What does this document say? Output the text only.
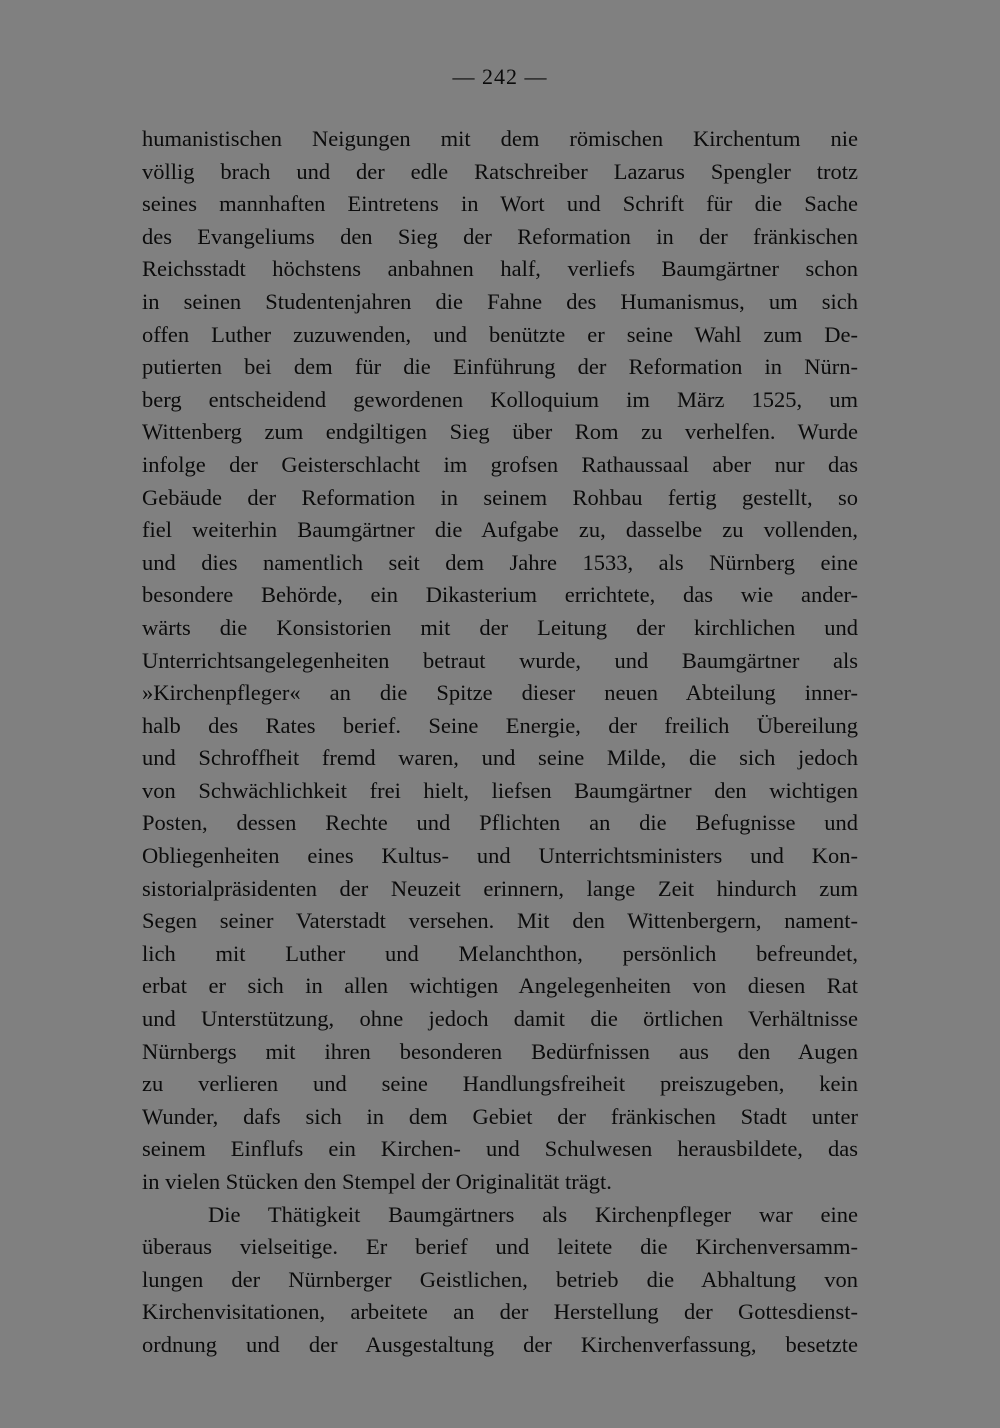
— 242 —
humanistischen Neigungen mit dem römischen Kirchentum nie
völlig brach und der edle Ratschreiber Lazarus Spengler trotz
seines mannhaften Eintretens in Wort und Schrift für die Sache
des Evangeliums den Sieg der Reformation in der fränkischen
Reichsstadt höchstens anbahnen half, verliefs Baumgärtner schon
in seinen Studentenjahren die Fahne des Humanismus, um sich
offen Luther zuzuwenden, und benützte er seine Wahl zum De-
putierten bei dem für die Einführung der Reformation in Nürn-
berg entscheidend gewordenen Kolloquium im März 1525, um
Wittenberg zum endgiltigen Sieg über Rom zu verhelfen. Wurde
infolge der Geisterschlacht im grofsen Rathaussaal aber nur das
Gebäude der Reformation in seinem Rohbau fertig gestellt, so
fiel weiterhin Baumgärtner die Aufgabe zu, dasselbe zu vollenden,
und dies namentlich seit dem Jahre 1533, als Nürnberg eine
besondere Behörde, ein Dikasterium errichtete, das wie ander-
wärts die Konsistorien mit der Leitung der kirchlichen und
Unterrichtsangelegenheiten betraut wurde, und Baumgärtner als
»Kirchenpfleger« an die Spitze dieser neuen Abteilung inner-
halb des Rates berief. Seine Energie, der freilich Übereilung
und Schroffheit fremd waren, und seine Milde, die sich jedoch
von Schwächlichkeit frei hielt, liefsen Baumgärtner den wichtigen
Posten, dessen Rechte und Pflichten an die Befugnisse und
Obliegenheiten eines Kultus- und Unterrichtsministers und Kon-
sistorialpräsidenten der Neuzeit erinnern, lange Zeit hindurch zum
Segen seiner Vaterstadt versehen. Mit den Wittenbergern, nament-
lich mit Luther und Melanchthon, persönlich befreundet,
erbat er sich in allen wichtigen Angelegenheiten von diesen Rat
und Unterstützung, ohne jedoch damit die örtlichen Verhältnisse
Nürnbergs mit ihren besonderen Bedürfnissen aus den Augen
zu verlieren und seine Handlungsfreiheit preiszugeben, kein
Wunder, dafs sich in dem Gebiet der fränkischen Stadt unter
seinem Einflufs ein Kirchen- und Schulwesen herausbildete, das
in vielen Stücken den Stempel der Originalität trägt.
Die Thätigkeit Baumgärtners als Kirchenpfleger war eine
überaus vielseitige. Er berief und leitete die Kirchenversamm-
lungen der Nürnberger Geistlichen, betrieb die Abhaltung von
Kirchenvisitationen, arbeitete an der Herstellung der Gottesdienst-
ordnung und der Ausgestaltung der Kirchenverfassung, besetzte
